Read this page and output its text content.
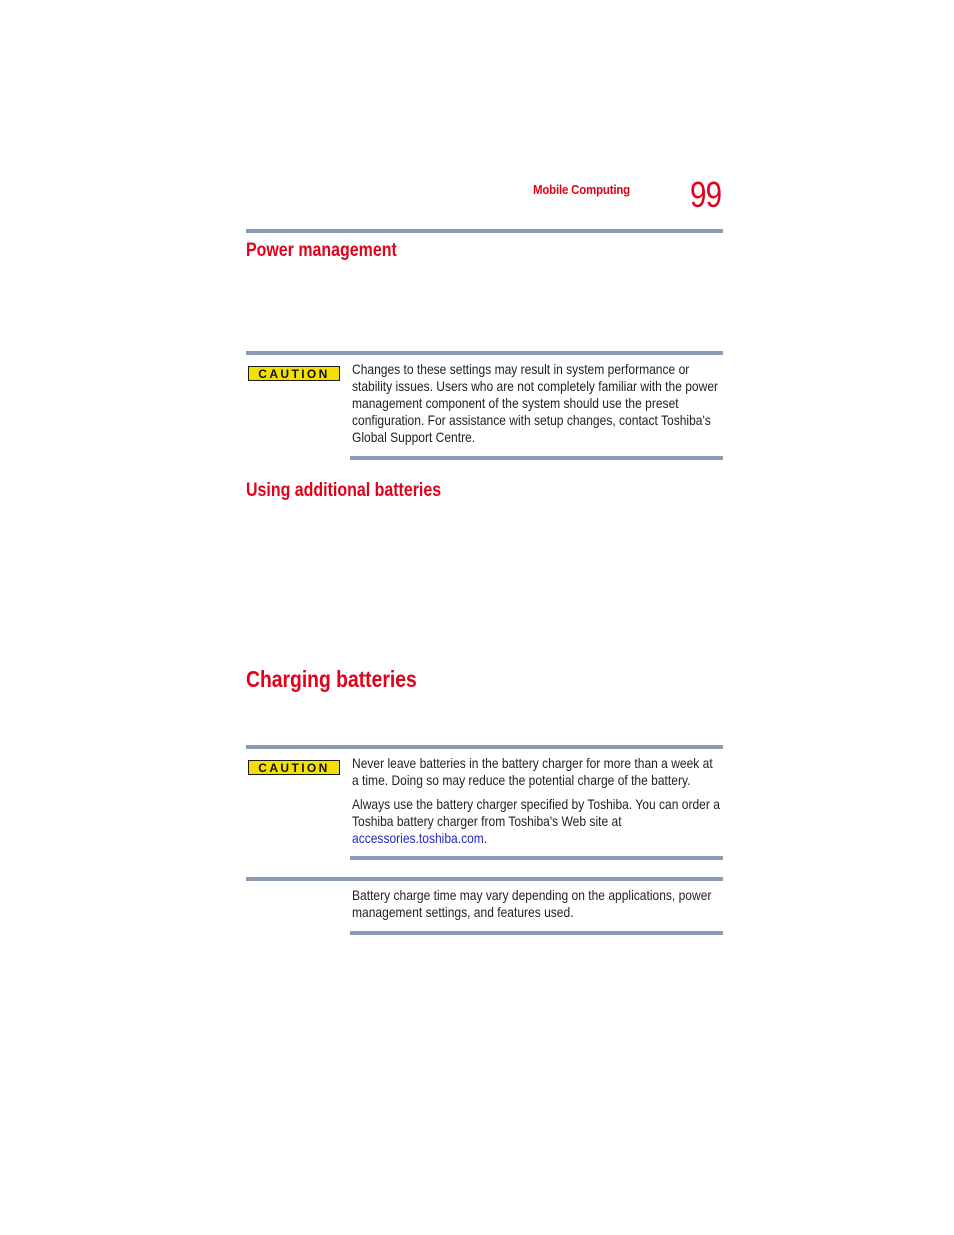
Mobile Computing 99
Power management
CAUTION Changes to these settings may result in system performance or stability issues. Users who are not completely familiar with the power management component of the system should use the preset configuration. For assistance with setup changes, contact Toshiba's Global Support Centre.

Using additional batteries
Charging batteries
CAUTION Never leave batteries in the battery charger for more than a week at a time. Doing so may reduce the potential charge of the battery.

Always use the battery charger specified by Toshiba. You can order a Toshiba battery charger from Toshiba's Web site at
accessories.toshiba.com.

Battery charge time may vary depending on the applications, power management settings, and features used.
